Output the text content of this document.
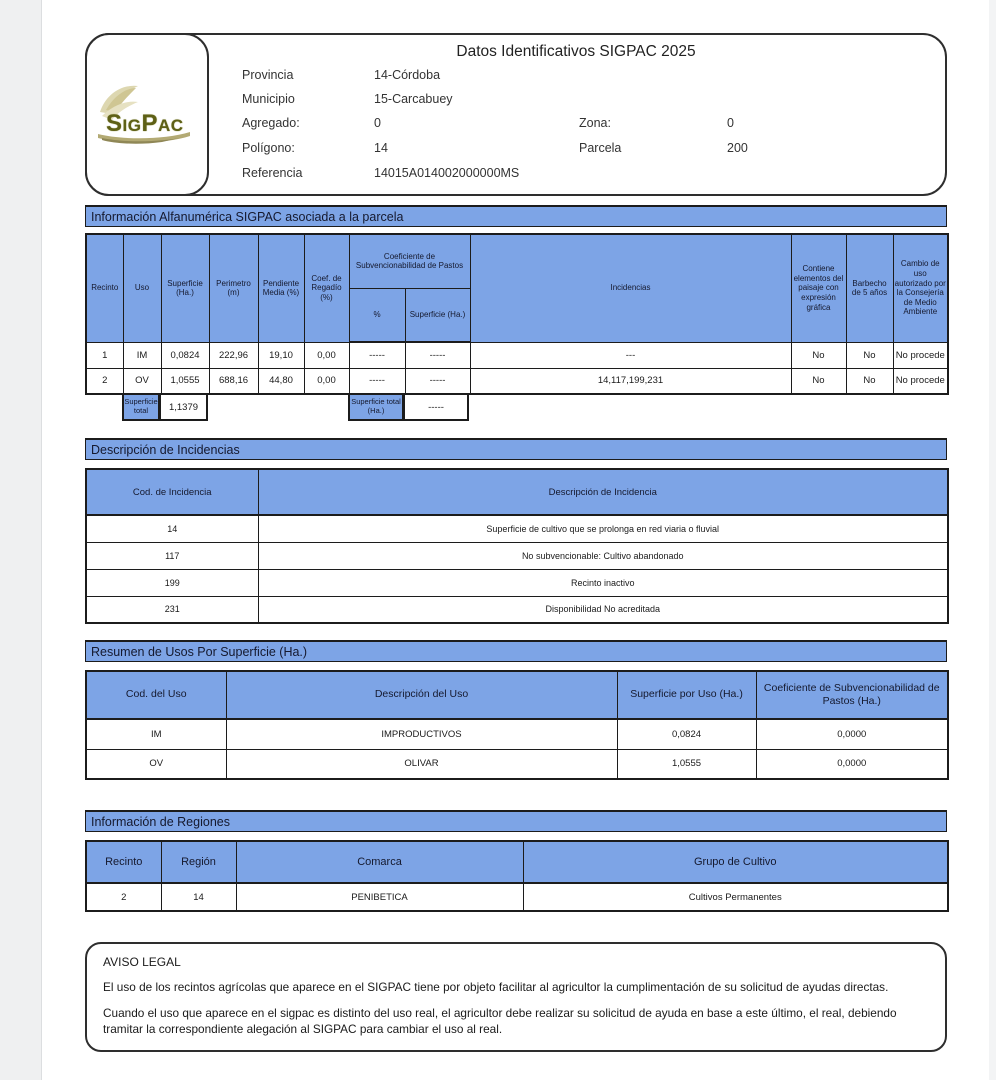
SigPac
Datos Identificativos SIGPAC 2025
Provincia	14-Córdoba
Municipio	15-Carcabuey
Agregado:	0
Polígono:	14
Referencia	14015A014002000000MS
Zona:	0
Parcela	200
Información Alfanumérica SIGPAC asociada a la parcela
Recinto	Uso	Superficie (Ha.)	Perimetro (m)	Pendiente Media (%)	Coef. de Regadío (%)	Coeficiente de Subvencionabilidad de Pastos		Incidencias	Contiene elementos del paisaje con expresión gráfica	Barbecho de 5 años	Cambio de uso autorizado por la Consejería de Medio Ambiente
						%	Superficie (Ha.)				
1	IM	0,0824	222,96	19,10	0,00	-----	-----	---	No	No	No procede
2	OV	1,0555	688,16	44,80	0,00	-----	-----	14,117,199,231	No	No	No procede
Superficie total	1,1379	Superficie total (Ha.)	-----
Descripción de Incidencias
Cod. de Incidencia	Descripción de Incidencia
14	Superficie de cultivo que se prolonga en red viaria o fluvial
117	No subvencionable: Cultivo abandonado
199	Recinto inactivo
231	Disponibilidad No acreditada
Resumen de Usos Por Superficie (Ha.)
Cod. del Uso	Descripción del Uso	Superficie por Uso (Ha.)	Coeficiente de Subvencionabilidad de Pastos (Ha.)
IM	IMPRODUCTIVOS	0,0824	0,0000
OV	OLIVAR	1,0555	0,0000
Información de Regiones
Recinto	Región	Comarca	Grupo de Cultivo
2	14	PENIBETICA	Cultivos Permanentes
AVISO LEGAL
El uso de los recintos agrícolas que aparece en el SIGPAC tiene por objeto facilitar al agricultor la cumplimentación de su solicitud de ayudas directas.
Cuando el uso que aparece en el sigpac es distinto del uso real, el agricultor debe realizar su solicitud de ayuda en base a este último, el real, debiendo tramitar la correspondiente alegación al SIGPAC para cambiar el uso al real.
